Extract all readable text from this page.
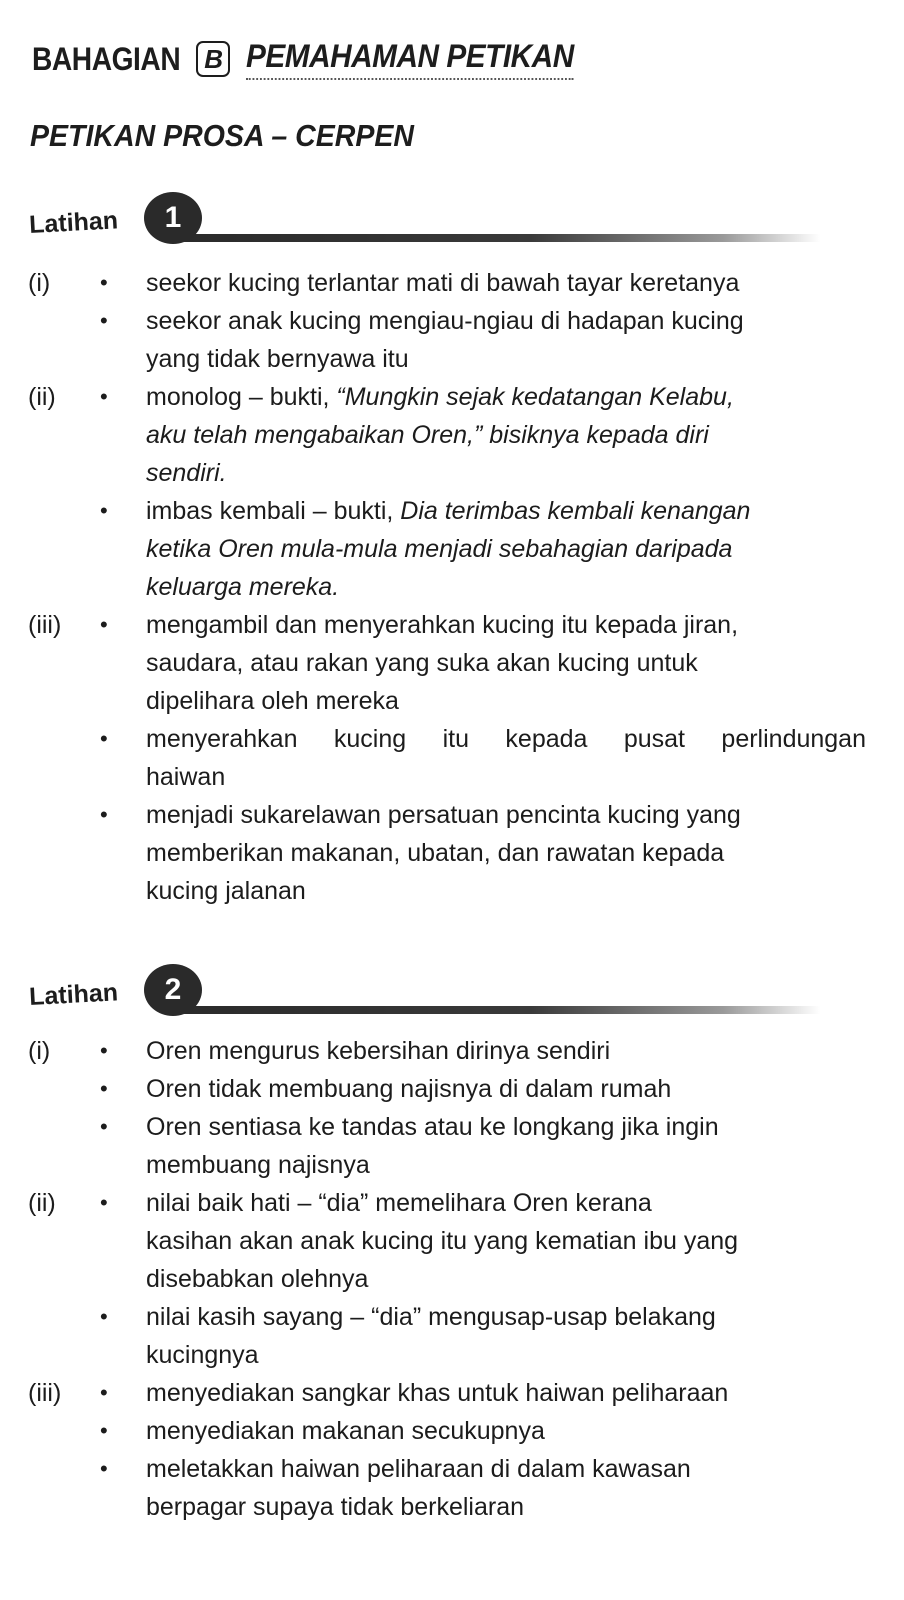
BAHAGIAN B PEMAHAMAN PETIKAN
PETIKAN PROSA – CERPEN
Latihan	1
(i) • seekor kucing terlantar mati di bawah tayar keretanya
• seekor anak kucing mengiau-ngiau di hadapan kucing
yang tidak bernyawa itu
(ii) • monolog – bukti, “Mungkin sejak kedatangan Kelabu,
aku telah mengabaikan Oren,” bisiknya kepada diri
sendiri.
• imbas kembali – bukti, Dia terimbas kembali kenangan
ketika Oren mula-mula menjadi sebahagian daripada
keluarga mereka.
(iii) • mengambil dan menyerahkan kucing itu kepada jiran,
saudara, atau rakan yang suka akan kucing untuk
dipelihara oleh mereka
• menyerahkan kucing itu kepada pusat perlindungan
haiwan
• menjadi sukarelawan persatuan pencinta kucing yang
memberikan makanan, ubatan, dan rawatan kepada
kucing jalanan
Latihan	2
(i) • Oren mengurus kebersihan dirinya sendiri
• Oren tidak membuang najisnya di dalam rumah
• Oren sentiasa ke tandas atau ke longkang jika ingin
membuang najisnya
(ii) • nilai baik hati – “dia” memelihara Oren kerana
kasihan akan anak kucing itu yang kematian ibu yang
disebabkan olehnya
• nilai kasih sayang – “dia” mengusap-usap belakang
kucingnya
(iii) • menyediakan sangkar khas untuk haiwan peliharaan
• menyediakan makanan secukupnya
• meletakkan haiwan peliharaan di dalam kawasan
berpagar supaya tidak berkeliaran
